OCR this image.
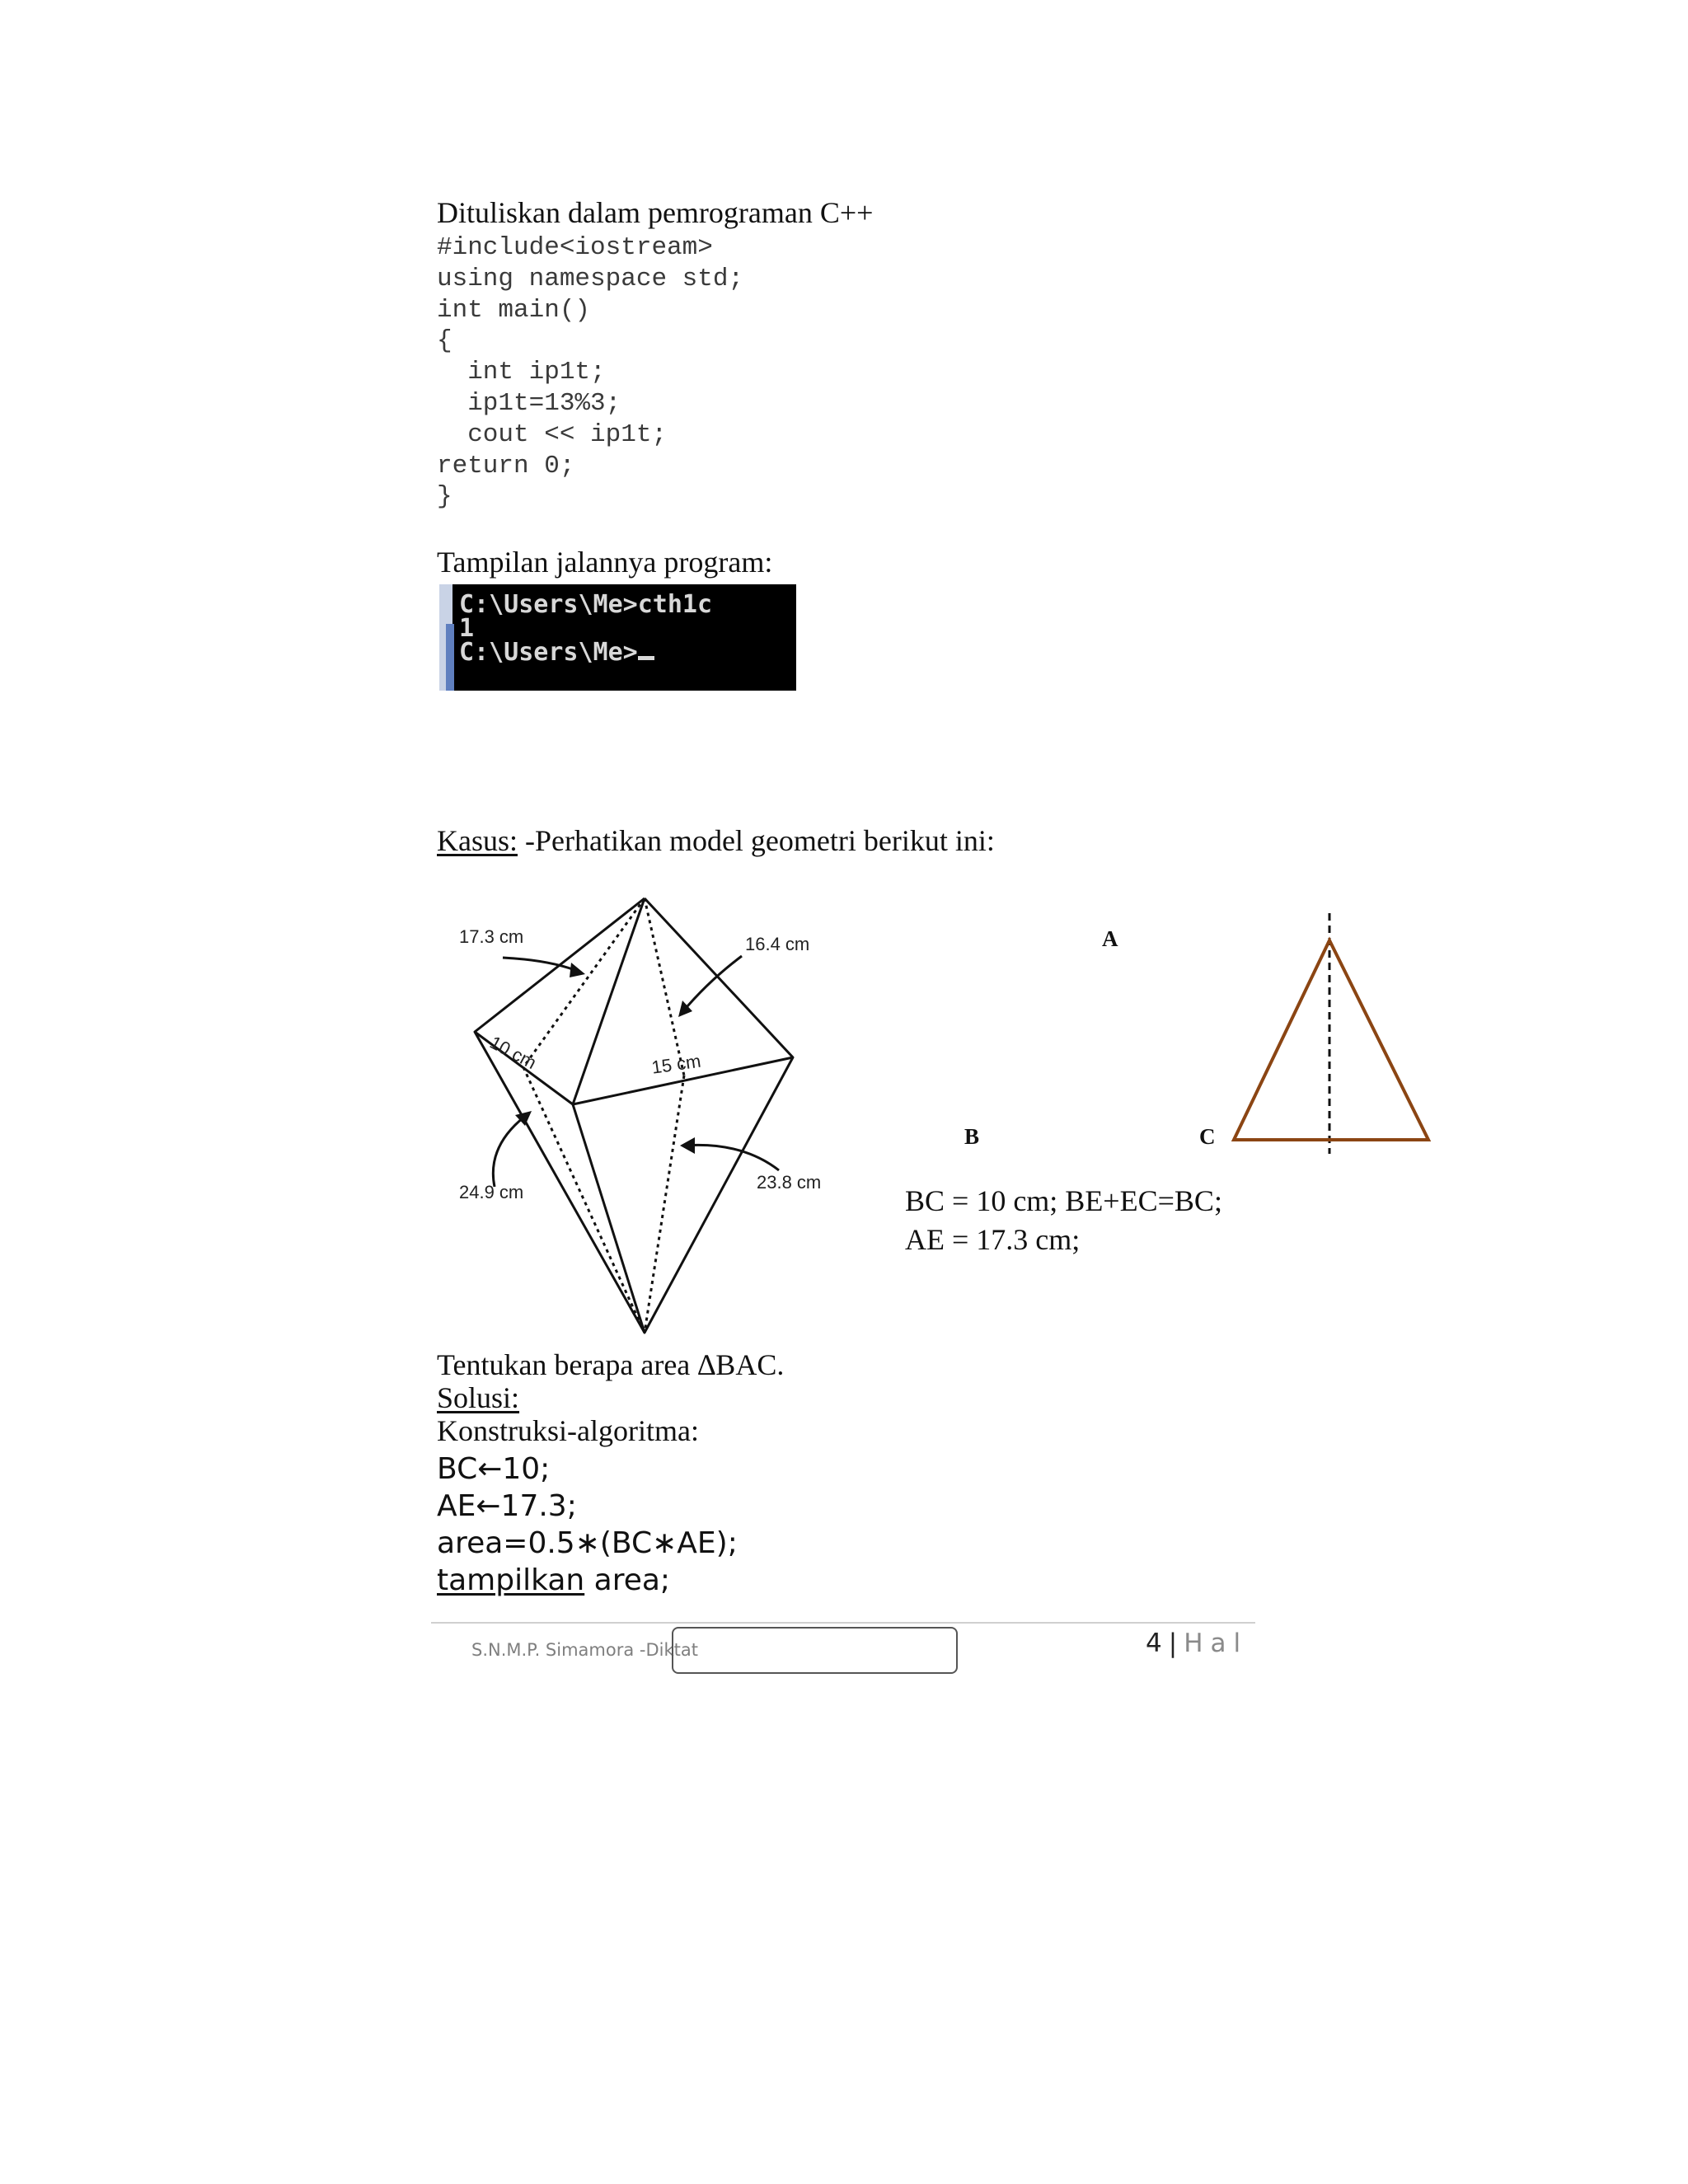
Dituliskan dalam pemrograman C++
#include<iostream>
using namespace std;
int main()
{
int ip1t;
ip1t=13%3;
cout << ip1t;
return 0;
}
Tampilan jalannya program:
C:\Users\Me>cth1c
1
C:\Users\Me>
Kasus: -Perhatikan model geometri berikut ini:
17.3 cm	16.4 cm
10 cm	15 cm
24.9 cm	23.8 cm
A
B	C
BC = 10 cm; BE+EC=BC;
AE = 17.3 cm;
Tentukan berapa area ∆BAC.
Solusi:
Konstruksi-algoritma:
BC←10;
AE←17.3;
area=0.5∗(BC∗AE);
tampilkan area;
S.N.M.P. Simamora -Diktat	4 | Hal
